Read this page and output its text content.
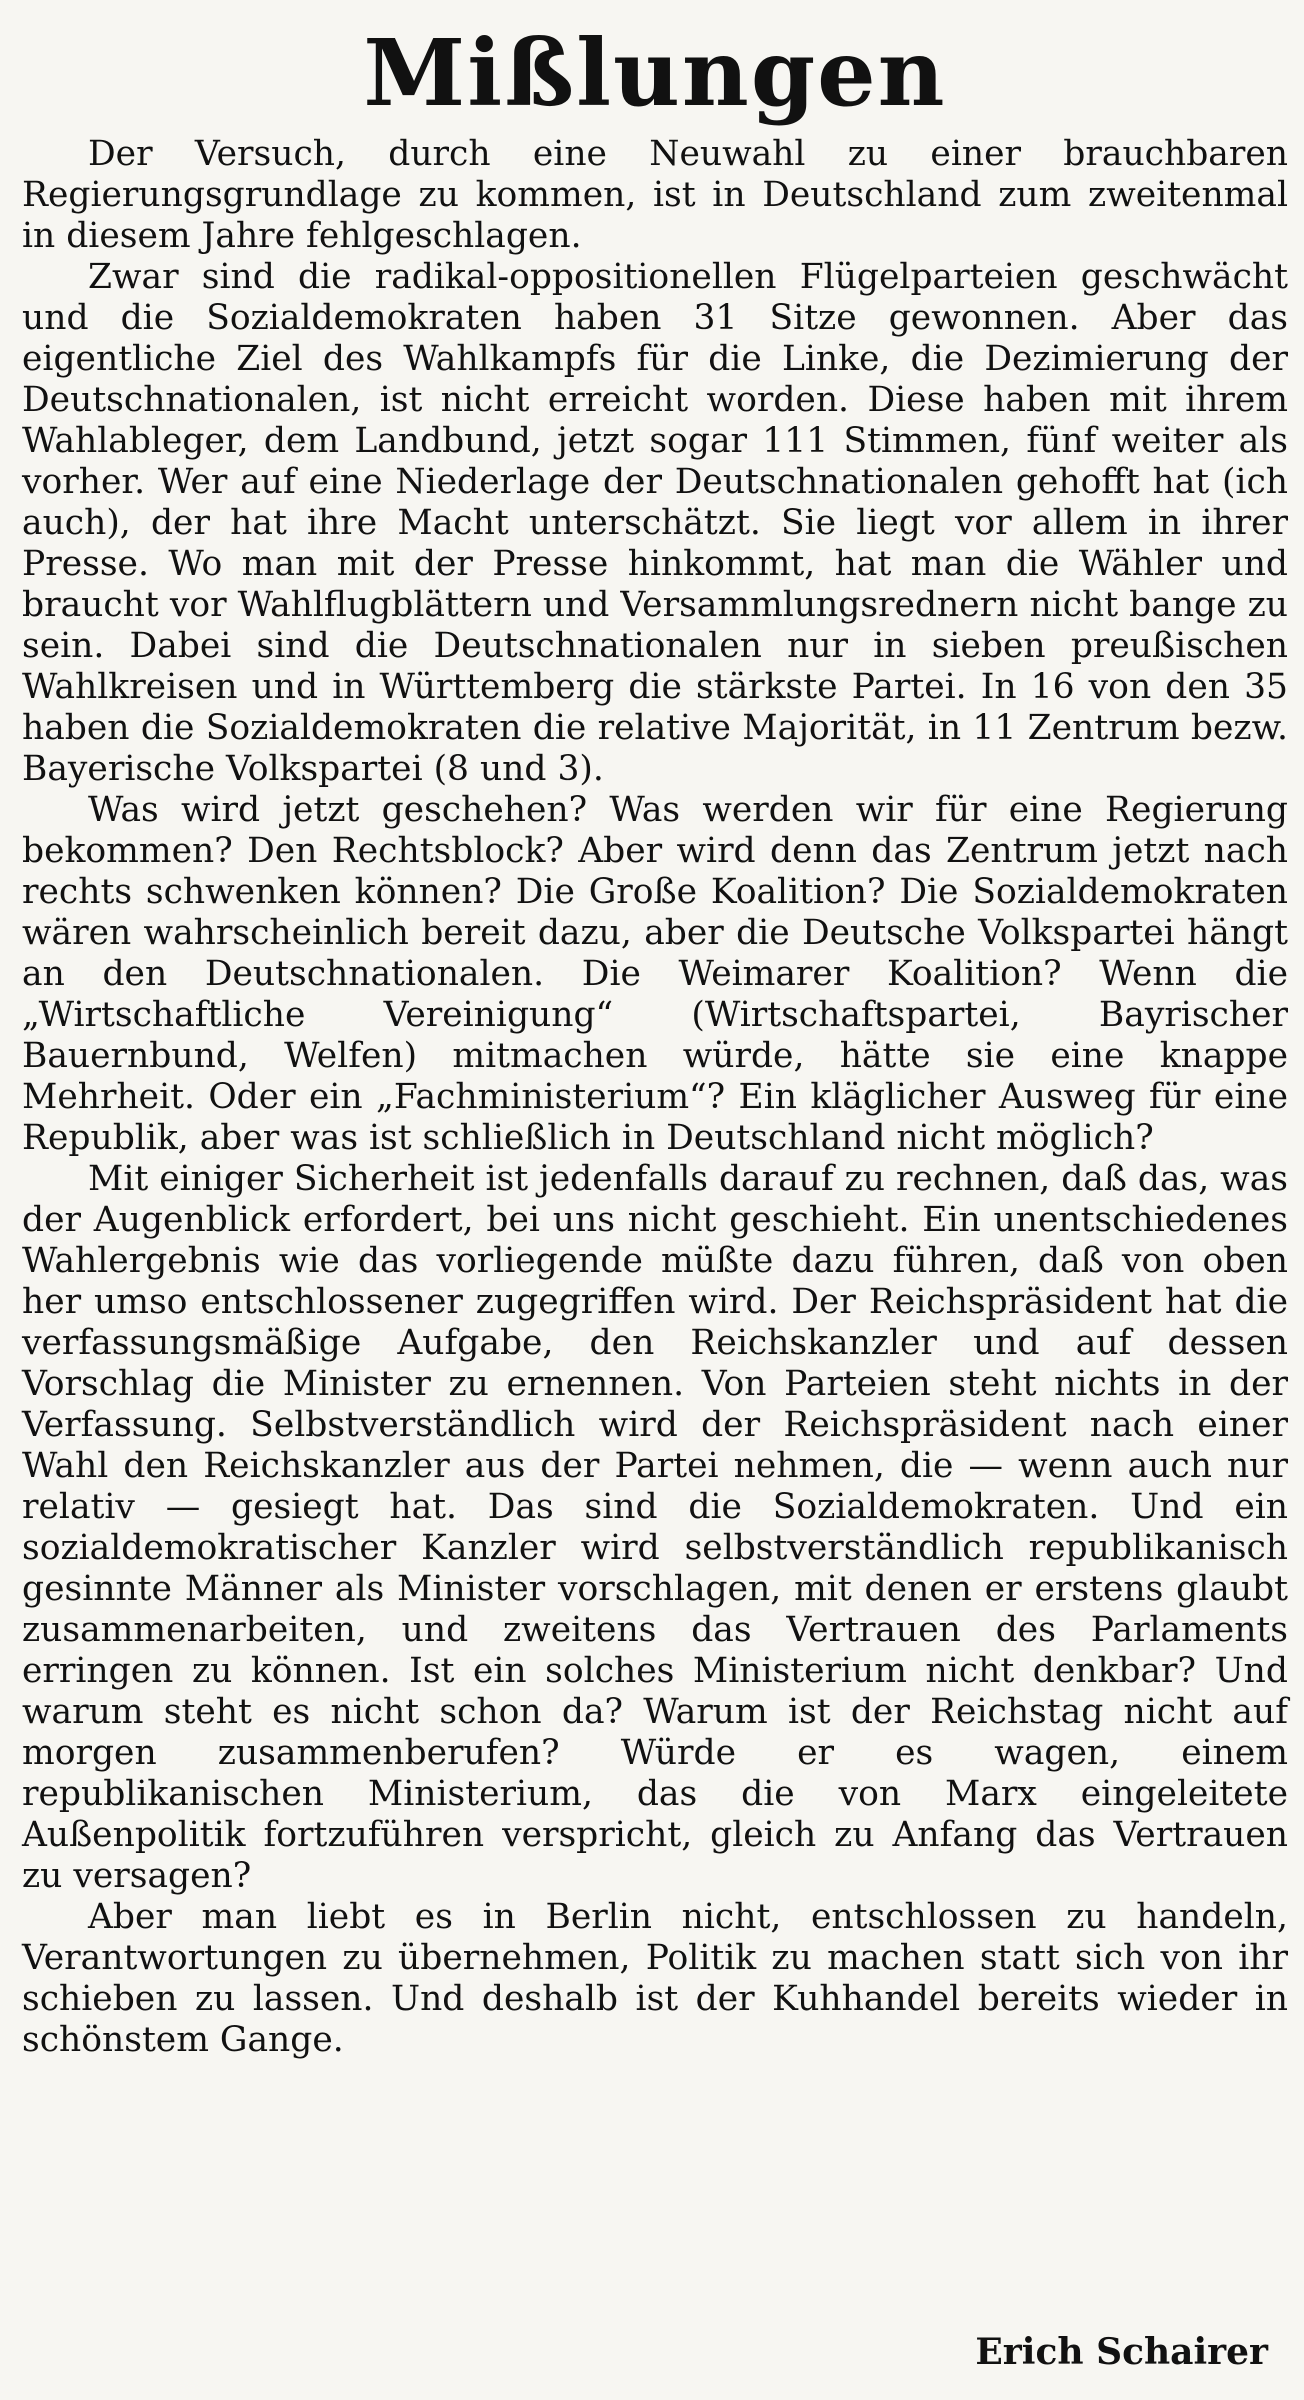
Mißlungen

Der Versuch, durch eine Neuwahl zu einer brauchbaren Regierungsgrundlage zu kommen, ist in Deutschland zum zweitenmal in diesem Jahre fehlgeschlagen.

Zwar sind die radikal-oppositionellen Flügelparteien geschwächt und die Sozialdemokraten haben 31 Sitze gewonnen. Aber das eigentliche Ziel des Wahlkampfs für die Linke, die Dezimierung der Deutschnationalen, ist nicht erreicht worden. Diese haben mit ihrem Wahlableger, dem Landbund, jetzt sogar 111 Stimmen, fünf weiter als vorher. Wer auf eine Niederlage der Deutschnationalen gehofft hat (ich auch), der hat ihre Macht unterschätzt. Sie liegt vor allem in ihrer Presse. Wo man mit der Presse hinkommt, hat man die Wähler und braucht vor Wahlflugblättern und Versammlungsrednern nicht bange zu sein. Dabei sind die Deutschnationalen nur in sieben preußischen Wahlkreisen und in Württemberg die stärkste Partei. In 16 von den 35 haben die Sozialdemokraten die relative Majorität, in 11 Zentrum bezw. Bayerische Volkspartei (8 und 3).

Was wird jetzt geschehen? Was werden wir für eine Regierung bekommen? Den Rechtsblock? Aber wird denn das Zentrum jetzt nach rechts schwenken können? Die Große Koalition? Die Sozialdemokraten wären wahrscheinlich bereit dazu, aber die Deutsche Volkspartei hängt an den Deutschnationalen. Die Weimarer Koalition? Wenn die „Wirtschaftliche Vereinigung“ (Wirtschaftspartei, Bayrischer Bauernbund, Welfen) mitmachen würde, hätte sie eine knappe Mehrheit. Oder ein „Fachministerium“? Ein kläglicher Ausweg für eine Republik, aber was ist schließlich in Deutschland nicht möglich?

Mit einiger Sicherheit ist jedenfalls darauf zu rechnen, daß das, was der Augenblick erfordert, bei uns nicht geschieht. Ein unentschiedenes Wahlergebnis wie das vorliegende müßte dazu führen, daß von oben her umso entschlossener zugegriffen wird. Der Reichspräsident hat die verfassungsmäßige Aufgabe, den Reichskanzler und auf dessen Vorschlag die Minister zu ernennen. Von Parteien steht nichts in der Verfassung. Selbstverständlich wird der Reichspräsident nach einer Wahl den Reichskanzler aus der Partei nehmen, die — wenn auch nur relativ — gesiegt hat. Das sind die Sozialdemokraten. Und ein sozialdemokratischer Kanzler wird selbstverständlich republikanisch gesinnte Männer als Minister vorschlagen, mit denen er erstens glaubt zusammenarbeiten, und zweitens das Vertrauen des Parlaments erringen zu können. Ist ein solches Ministerium nicht denkbar? Und warum steht es nicht schon da? Warum ist der Reichstag nicht auf morgen zusammenberufen? Würde er es wagen, einem republikanischen Ministerium, das die von Marx eingeleitete Außenpolitik fortzuführen verspricht, gleich zu Anfang das Vertrauen zu versagen?

Aber man liebt es in Berlin nicht, entschlossen zu handeln, Verantwortungen zu übernehmen, Politik zu machen statt sich von ihr schieben zu lassen. Und deshalb ist der Kuhhandel bereits wieder in schönstem Gange.

Erich Schairer
